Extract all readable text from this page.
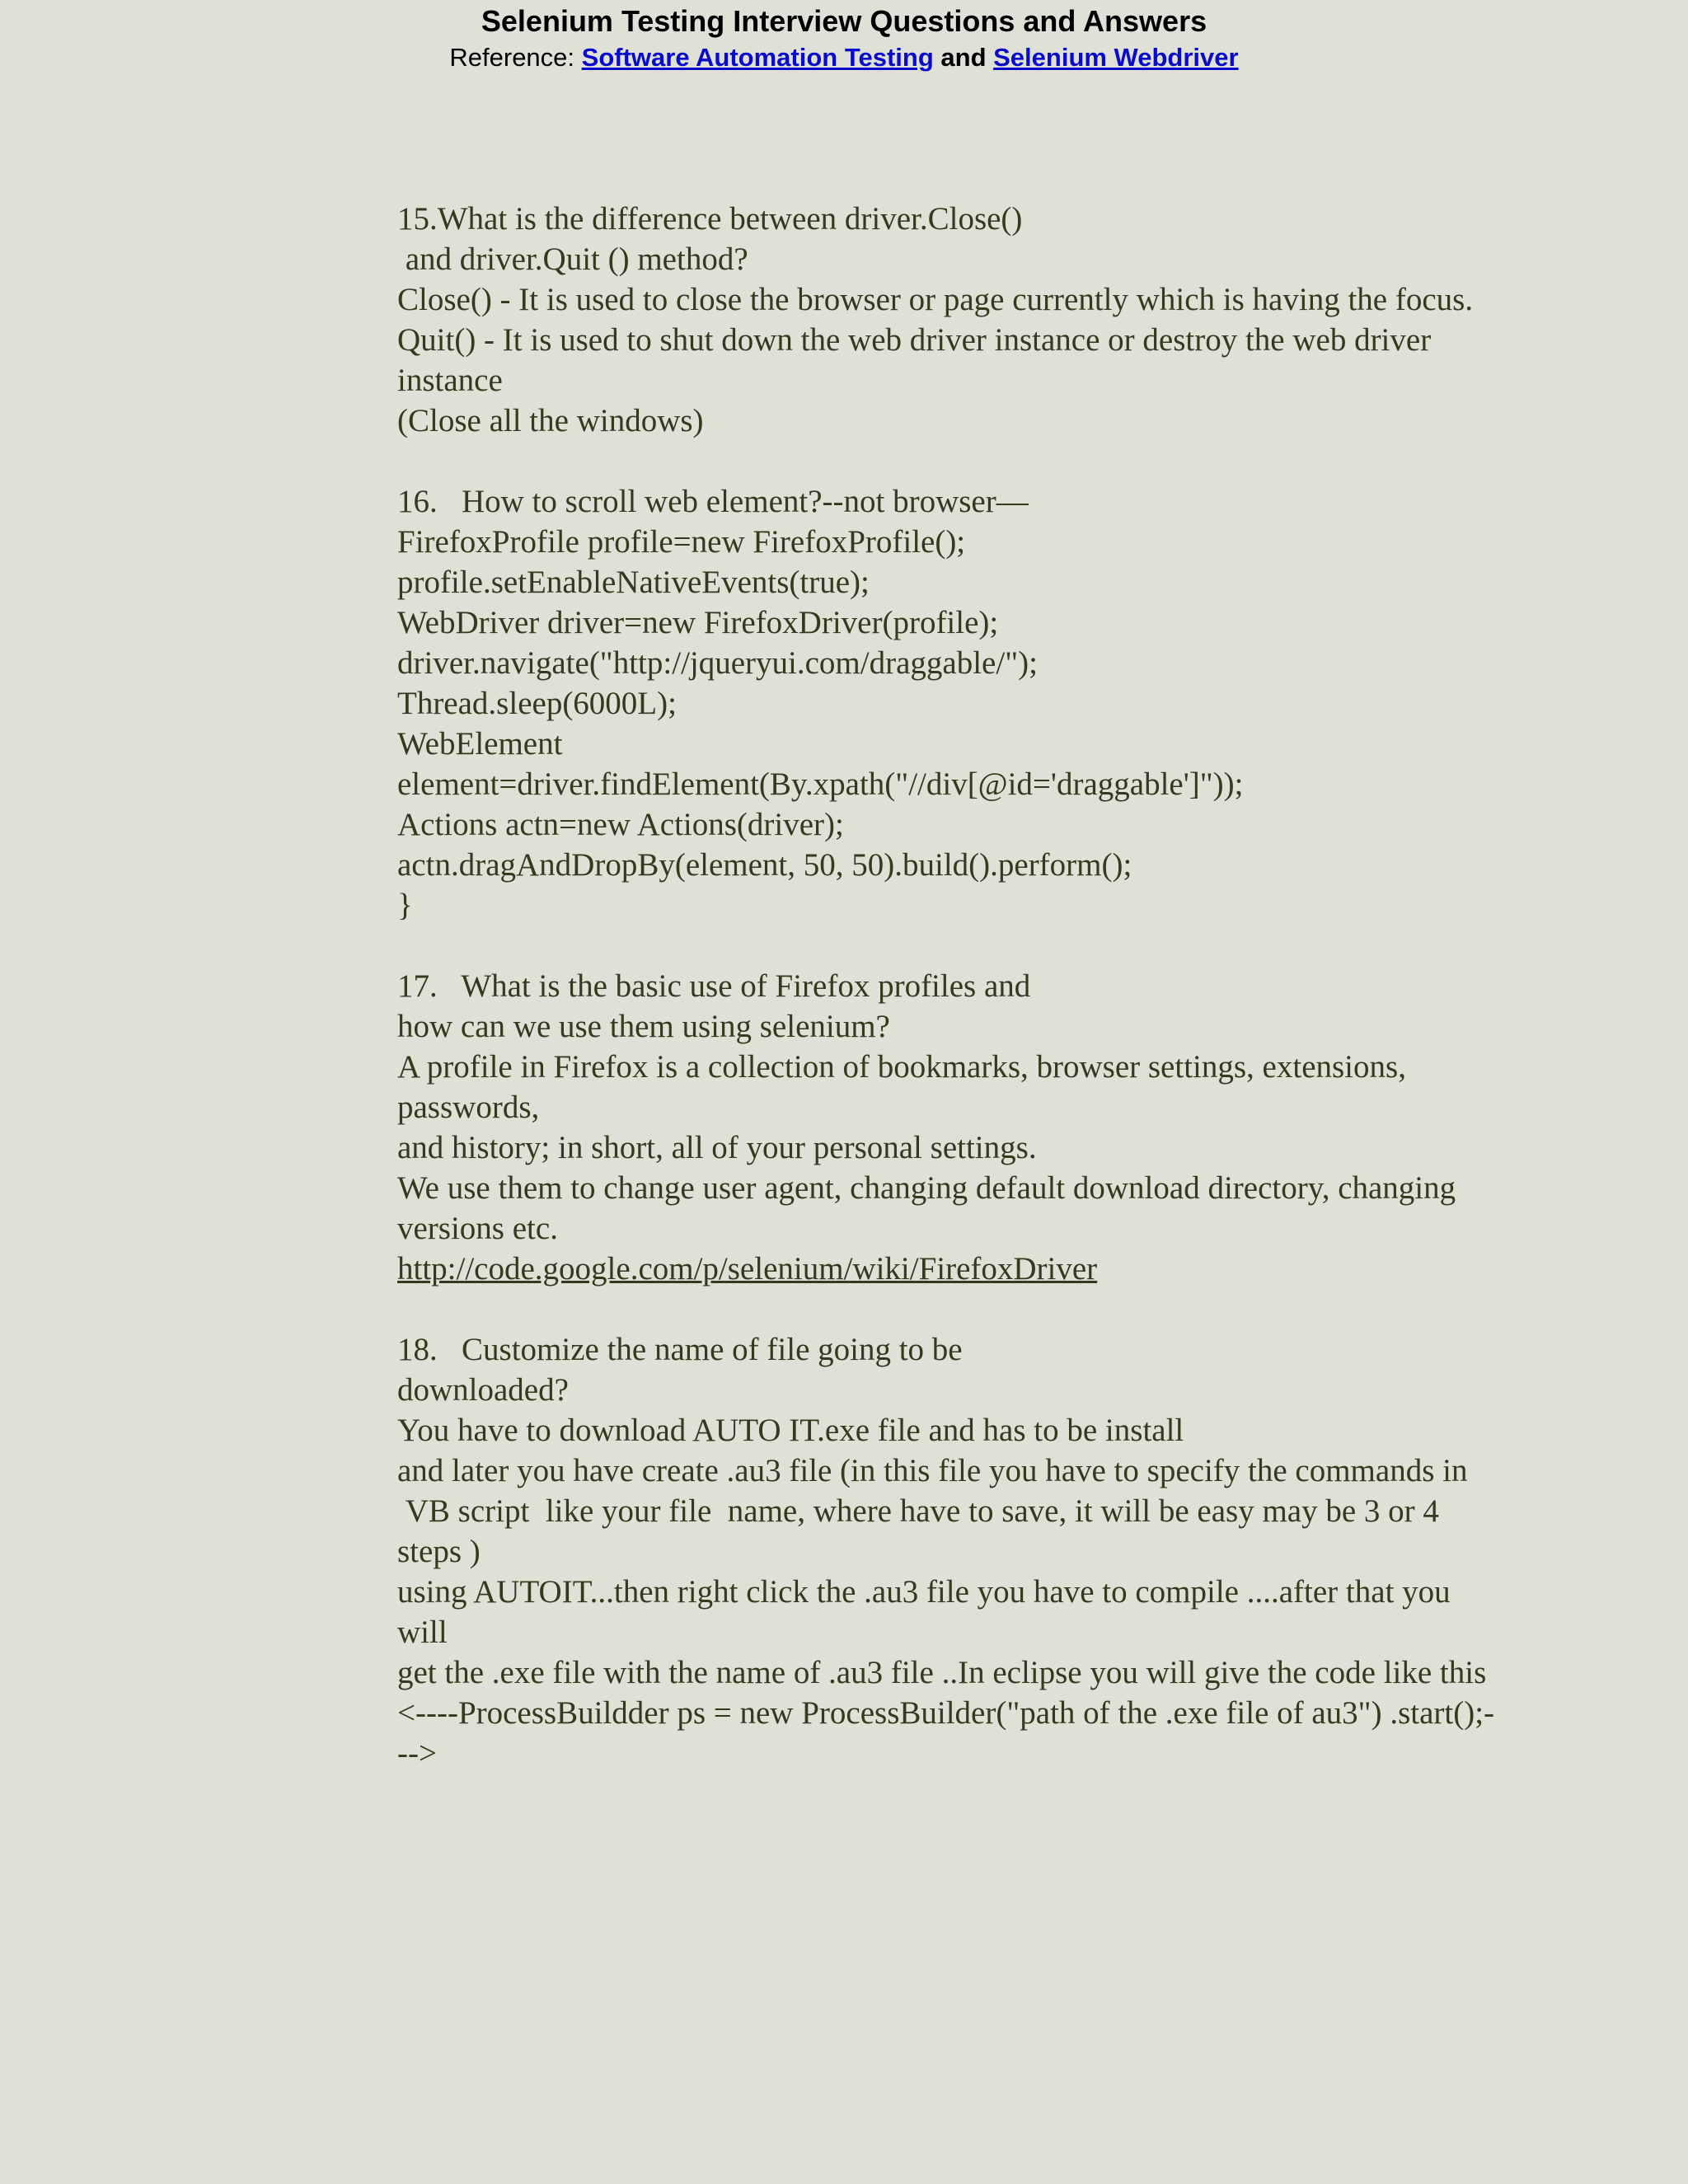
Selenium Testing Interview Questions and Answers
Reference: Software Automation Testing and Selenium Webdriver

15.What is the difference between driver.Close()

and driver.Quit () method?

Close() - It is used to close the browser or page currently which is having the focus.

Quit() - It is used to shut down the web driver instance or destroy the web driver instance

(Close all the windows)

16.   How to scroll web element?--not browser—

FirefoxProfile profile=new FirefoxProfile();

profile.setEnableNativeEvents(true);

WebDriver driver=new FirefoxDriver(profile);

driver.navigate("http://jqueryui.com/draggable/");

Thread.sleep(6000L);

WebElement

element=driver.findElement(By.xpath("//div[@id='draggable']"));

Actions actn=new Actions(driver);

actn.dragAndDropBy(element, 50, 50).build().perform();

}

17.   What is the basic use of Firefox profiles and

how can we use them using selenium?

A profile in Firefox is a collection of bookmarks, browser settings, extensions, passwords,

and history; in short, all of your personal settings.

We use them to change user agent, changing default download directory, changing versions etc.

http://code.google.com/p/selenium/wiki/FirefoxDriver

18.   Customize the name of file going to be

downloaded?

You have to download AUTO IT.exe file and has to be install

and later you have create .au3 file (in this file you have to specify the commands in

VB script  like your file  name, where have to save, it will be easy may be 3 or 4 steps )

using AUTOIT...then right click the .au3 file you have to compile ....after that you will

get the .exe file with the name of .au3 file ..In eclipse you will give the code like this

<----ProcessBuildder ps = new ProcessBuilder("path of the .exe file of au3") .start();--->
